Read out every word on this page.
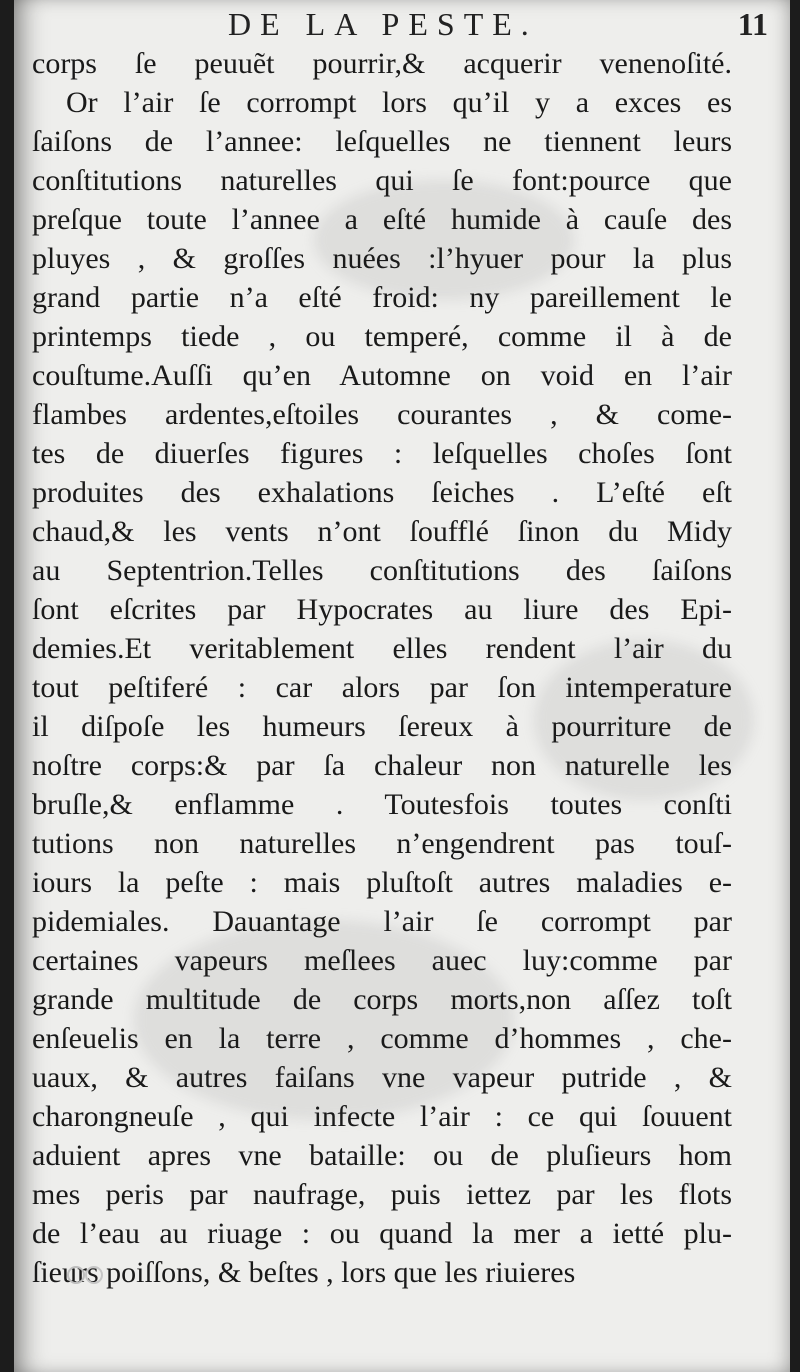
DE LA PESTE.	11
corps ſe peuuẽt pourrir,& acquerir venenoſité.
Or l’air ſe corrompt lors qu’il y a exces es
ſaiſons de l’annee: leſquelles ne tiennent leurs
conſtitutions naturelles qui ſe font:pource que
preſque toute l’annee a eſté humide à cauſe des
pluyes , & groſſes nuées :l’hyuer pour la plus
grand partie n’a eſté froid: ny pareillement le
printemps tiede , ou temperé, comme il à de
couſtume.Auſſi qu’en Automne on void en l’air
flambes ardentes,eſtoiles courantes , & come-
tes de diuerſes figures : leſquelles choſes ſont
produites des exhalations ſeiches . L’eſté eſt
chaud,& les vents n’ont ſoufflé ſinon du Midy
au Septentrion.Telles conſtitutions des ſaiſons
ſont eſcrites par Hypocrates au liure des Epi-
demies.Et veritablement elles rendent l’air du
tout peſtiferé : car alors par ſon intemperature
il diſpoſe les humeurs ſereux à pourriture de
noſtre corps:& par ſa chaleur non naturelle les
bruſle,& enflamme . Toutesfois toutes conſti
tutions non naturelles n’engendrent pas touſ-
iours la peſte : mais pluſtoſt autres maladies e-
pidemiales. Dauantage l’air ſe corrompt par
certaines vapeurs meſlees auec luy:comme par
grande multitude de corps morts,non aſſez toſt
enſeuelis en la terre , comme d’hommes , che-
uaux, & autres faiſans vne vapeur putride , &
charongneuſe , qui infecte l’air : ce qui ſouuent
aduient apres vne bataille: ou de pluſieurs hom
mes peris par naufrage, puis iettez par les flots
de l’eau au riuage : ou quand la mer a ietté plu-
ſieurs poiſſons, & beſtes , lors que les riuieres
